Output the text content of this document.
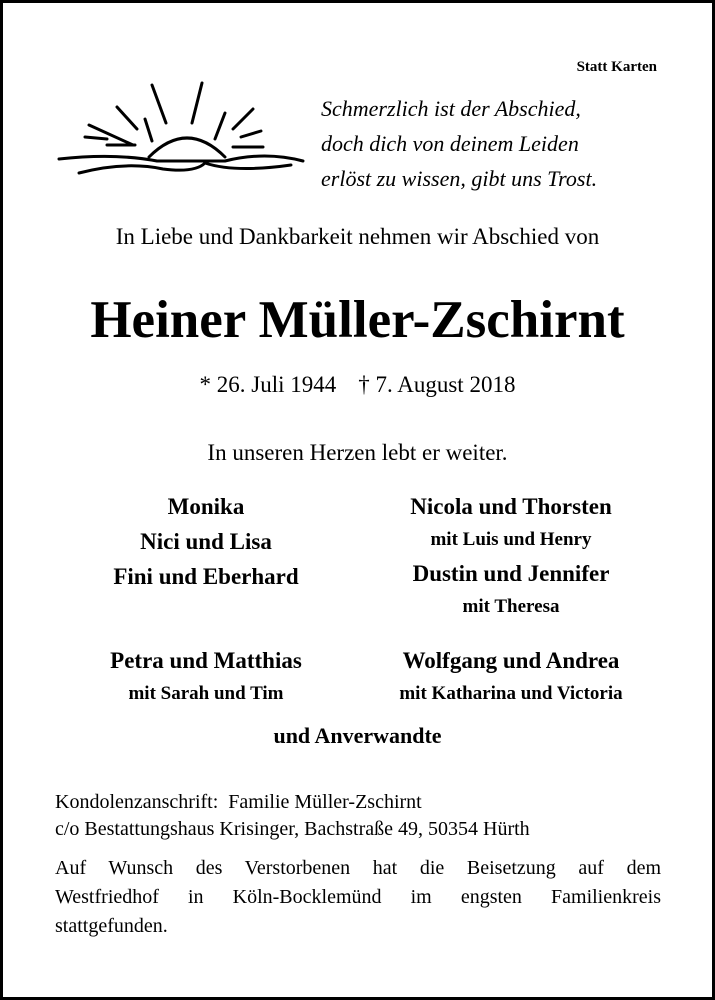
Statt Karten
Schmerzlich ist der Abschied,
doch dich von deinem Leiden
erlöst zu wissen, gibt uns Trost.
In Liebe und Dankbarkeit nehmen wir Abschied von
Heiner Müller-Zschirnt
* 26. Juli 1944 † 7. August 2018
In unseren Herzen lebt er weiter.
Monika
Nici und Lisa
Fini und Eberhard
Nicola und Thorsten
mit Luis und Henry
Dustin und Jennifer
mit Theresa
Petra und Matthias
mit Sarah und Tim
Wolfgang und Andrea
mit Katharina und Victoria
und Anverwandte
Kondolenzanschrift:  Familie Müller-Zschirnt
c/o Bestattungshaus Krisinger, Bachstraße 49, 50354 Hürth
Auf Wunsch des Verstorbenen hat die Beisetzung auf dem
Westfriedhof in Köln-Bocklemünd im engsten Familienkreis
stattgefunden.
